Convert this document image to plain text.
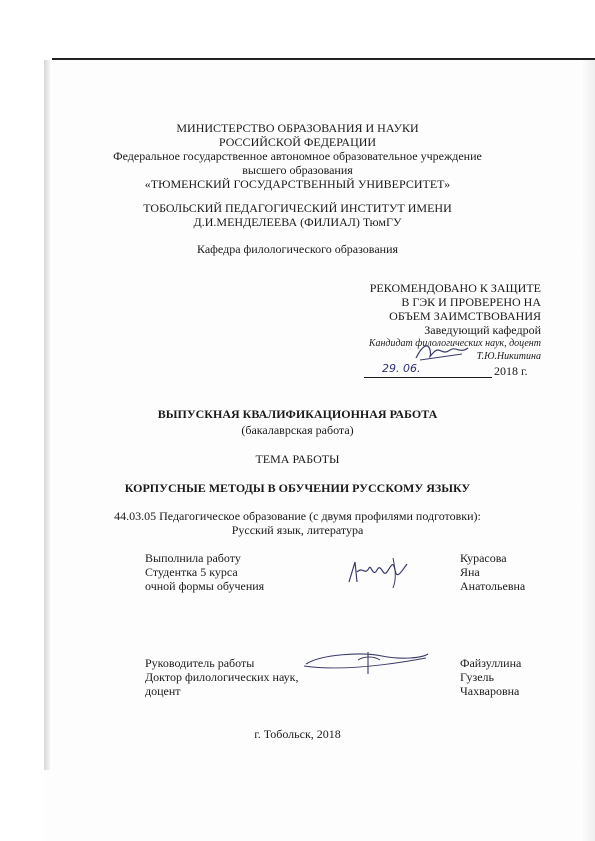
МИНИСТЕРСТВО ОБРАЗОВАНИЯ И НАУКИ
РОССИЙСКОЙ ФЕДЕРАЦИИ
Федеральное государственное автономное образовательное учреждение
высшего образования
«ТЮМЕНСКИЙ ГОСУДАРСТВЕННЫЙ УНИВЕРСИТЕТ»
ТОБОЛЬСКИЙ ПЕДАГОГИЧЕСКИЙ ИНСТИТУТ ИМЕНИ
Д.И.МЕНДЕЛЕЕВА (ФИЛИАЛ) ТюмГУ
Кафедра филологического образования
РЕКОМЕНДОВАНО К ЗАЩИТЕ
В ГЭК И ПРОВЕРЕНО НА
ОБЪЕМ ЗАИМСТВОВАНИЯ
Заведующий кафедрой
Кандидат филологических наук, доцент
Т.Ю.Никитина
29. 06.	2018 г.
ВЫПУСКНАЯ КВАЛИФИКАЦИОННАЯ РАБОТА
(бакалаврская работа)
ТЕМА РАБОТЫ
КОРПУСНЫЕ МЕТОДЫ В ОБУЧЕНИИ РУССКОМУ ЯЗЫКУ
44.03.05 Педагогическое образование (с двумя профилями подготовки):
Русский язык, литература
Выполнила работу
Студентка 5 курса
очной формы обучения
Курасова
Яна
Анатольевна
Руководитель работы
Доктор филологических наук,
доцент
Файзуллина
Гузель
Чахваровна
г. Тобольск, 2018
